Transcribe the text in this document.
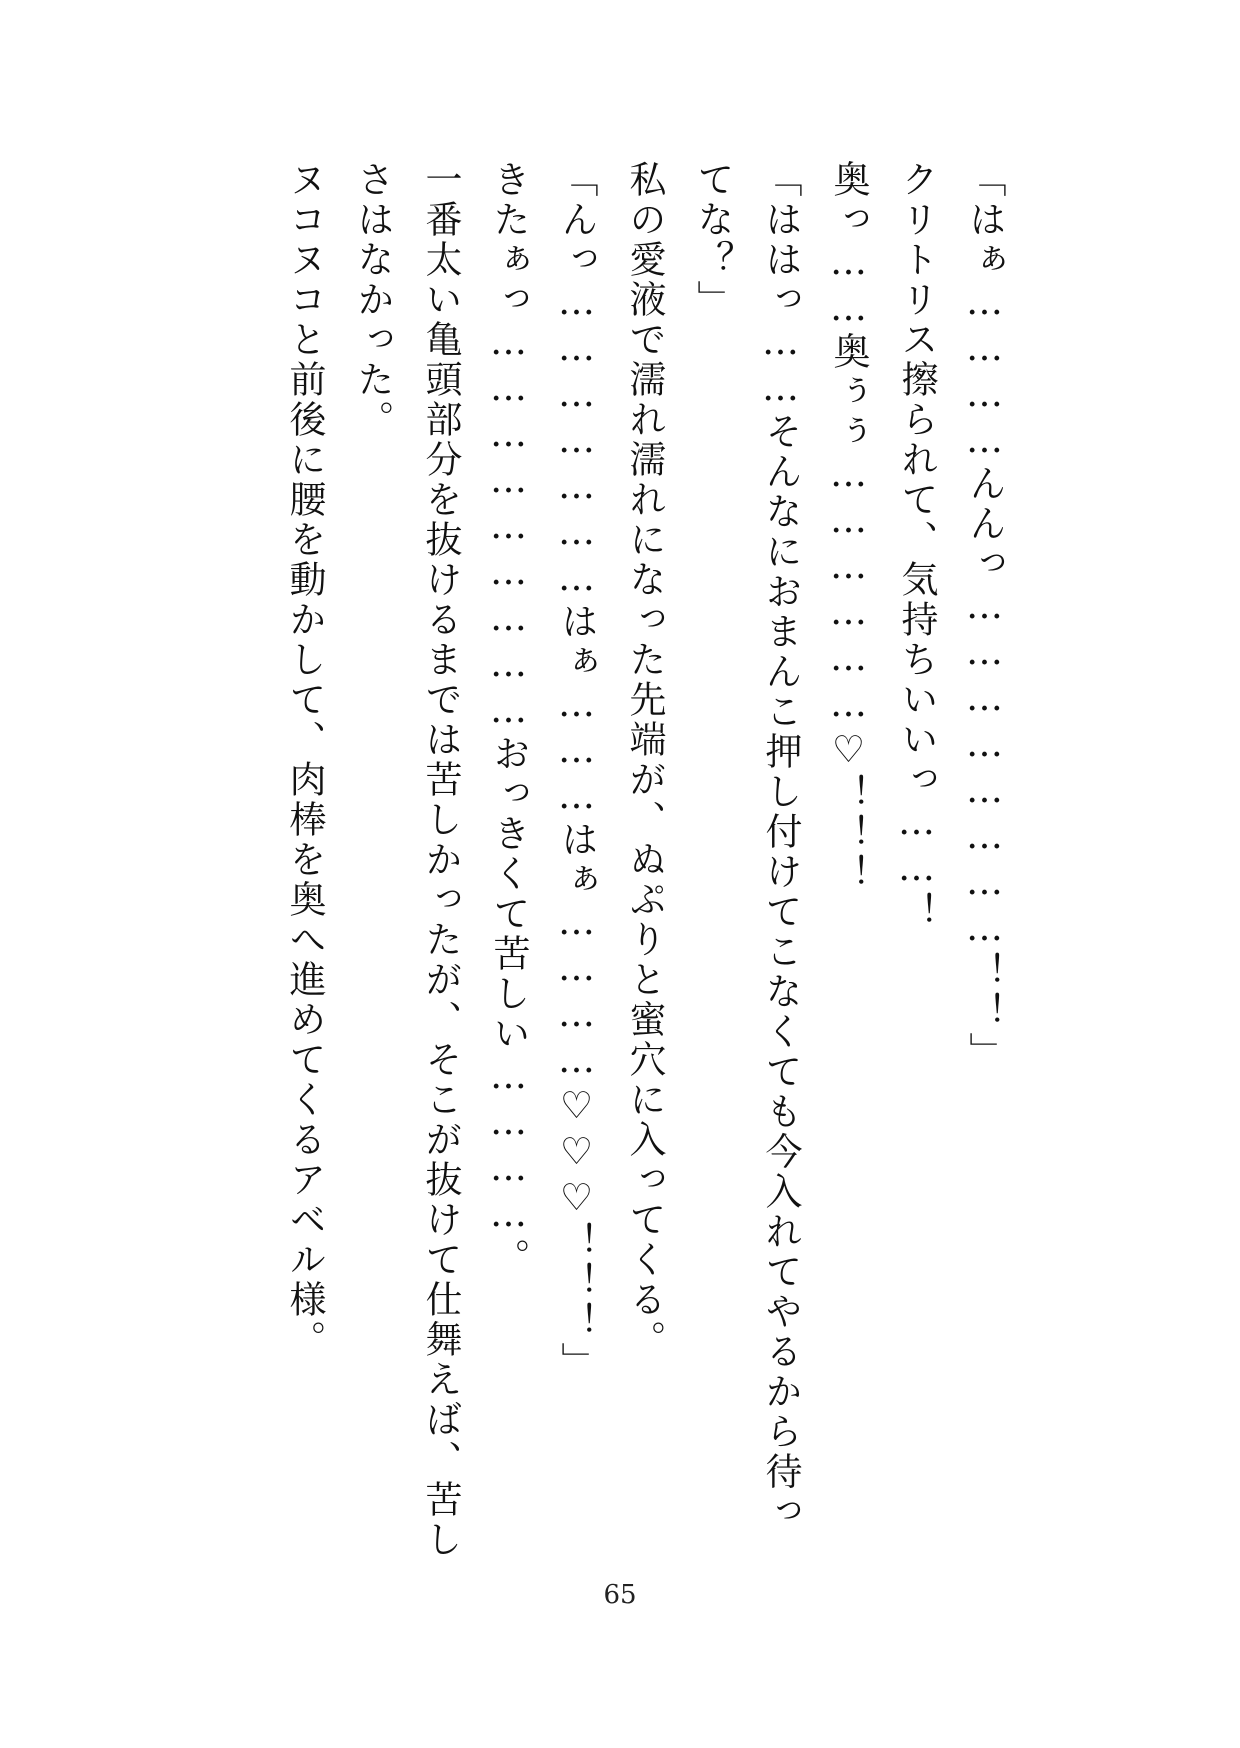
「はぁ…………んんっ……………………！！」

クリトリス擦られて、気持ちいいっ……！

奥っ……奥ぅぅ………………♡！！！

「ははっ……そんなにおまんこ押し付けてこなくても今入れてやるから待ってな？」

私の愛液で濡れ濡れになった先端が、ぬぷりと蜜穴に入ってくる。

「んっ…………………はぁ………はぁ…………♡♡♡！！！」

きたぁっ………………………おっきくて苦しい…………。

一番太い亀頭部分を抜けるまでは苦しかったが、そこが抜けて仕舞えば、苦しさはなかった。

ヌコヌコと前後に腰を動かして、肉棒を奥へ進めてくるアベル様。

65
